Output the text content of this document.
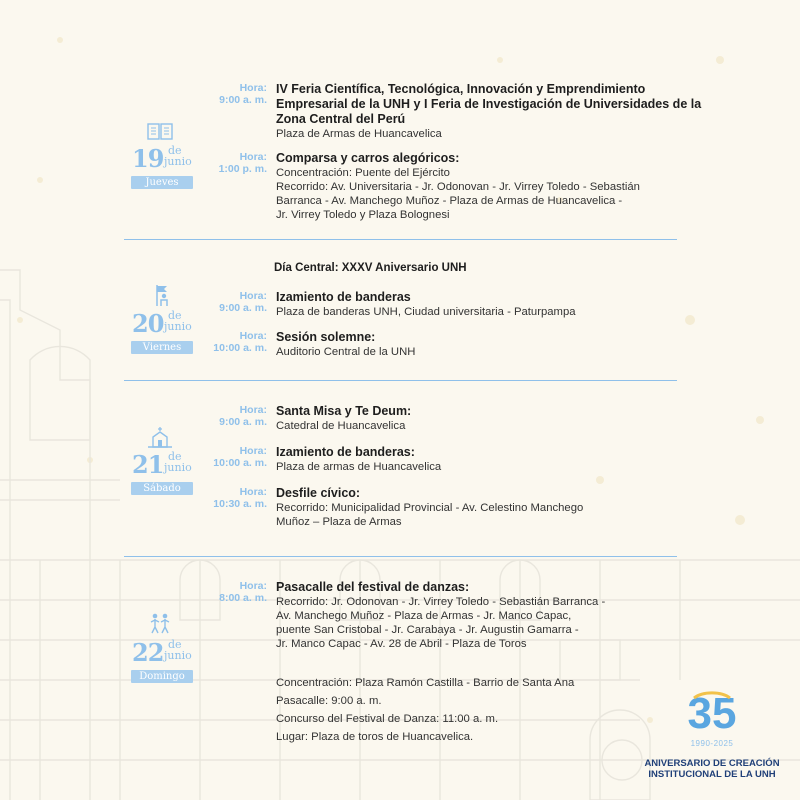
19 de
junio
Jueves
Hora:
9:00 a. m.
IV Feria Científica, Tecnológica, Innovación y Emprendimiento
Empresarial de la UNH y I Feria de Investigación de Universidades de la
Zona Central del Perú
Plaza de Armas de Huancavelica
Hora:
1:00 p. m.
Comparsa y carros alegóricos:
Concentración: Puente del Ejército
Recorrido: Av. Universitaria - Jr. Odonovan - Jr. Virrey Toledo - Sebastián
Barranca - Av. Manchego Muñoz - Plaza de Armas de Huancavelica -
Jr. Virrey Toledo y Plaza Bolognesi
Día Central: XXXV Aniversario UNH
20 de
junio
Viernes
Hora:
9:00 a. m.
Izamiento de banderas
Plaza de banderas UNH, Ciudad universitaria - Paturpampa
Hora:
10:00 a. m.
Sesión solemne:
Auditorio Central de la UNH
21 de
junio
Sábado
Hora:
9:00 a. m.
Santa Misa y Te Deum:
Catedral de Huancavelica
Hora:
10:00 a. m.
Izamiento de banderas:
Plaza de armas de Huancavelica
Hora:
10:30 a. m.
Desfile cívico:
Recorrido: Municipalidad Provincial - Av. Celestino Manchego
Muñoz – Plaza de Armas
22 de
junio
Domingo
Hora:
8:00 a. m.
Pasacalle del festival de danzas:
Recorrido: Jr. Odonovan - Jr. Virrey Toledo - Sebastián Barranca -
Av. Manchego Muñoz - Plaza de Armas - Jr. Manco Capac,
puente San Cristobal - Jr. Carabaya - Jr. Augustin Gamarra -
Jr. Manco Capac - Av. 28 de Abril - Plaza de Toros
Concentración: Plaza Ramón Castilla - Barrio de Santa Ana
Pasacalle: 9:00 a. m.
Concurso del Festival de Danza: 11:00 a. m.
Lugar: Plaza de toros de Huancavelica.	35
1990-2025
ANIVERSARIO DE CREACIÓN
INSTITUCIONAL DE LA UNH
